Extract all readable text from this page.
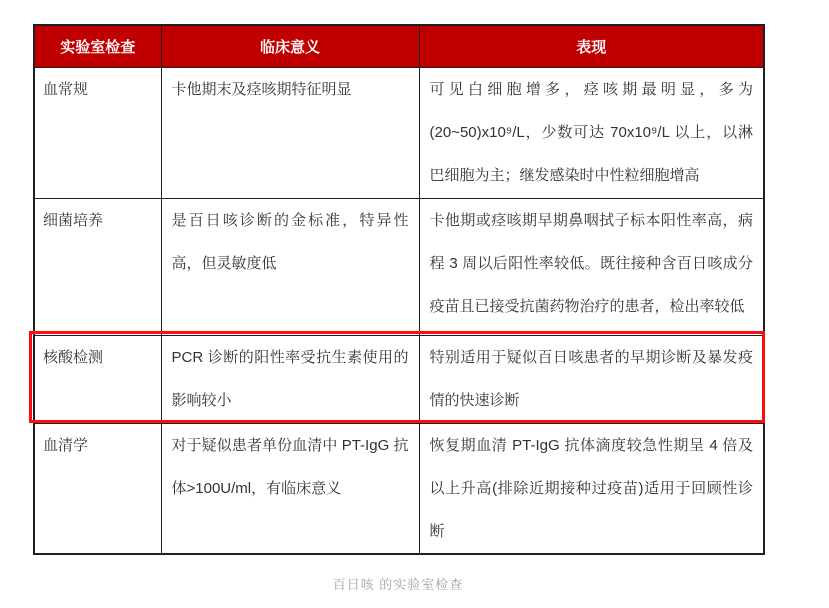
实验室检查	临床意义	表现
血常规	卡他期末及痉咳期特征明显	可见白细胞增多，痉咳期最明显，多为(20~50)x10⁹/L，少数可达 70x10⁹/L 以上，以淋巴细胞为主；继发感染时中性粒细胞增高
细菌培养	是百日咳诊断的金标准，特异性高，但灵敏度低	卡他期或痉咳期早期鼻咽拭子标本阳性率高，病程 3 周以后阳性率较低。既往接种含百日咳成分疫苗且已接受抗菌药物治疗的患者，检出率较低
核酸检测	PCR 诊断的阳性率受抗生素使用的影响较小	特别适用于疑似百日咳患者的早期诊断及暴发疫情的快速诊断
血清学	对于疑似患者单份血清中 PT-IgG 抗体>100U/ml，有临床意义	恢复期血清 PT-IgG 抗体滴度较急性期呈 4 倍及以上升高(排除近期接种过疫苗)适用于回顾性诊断
百日咳 的实验室检查
